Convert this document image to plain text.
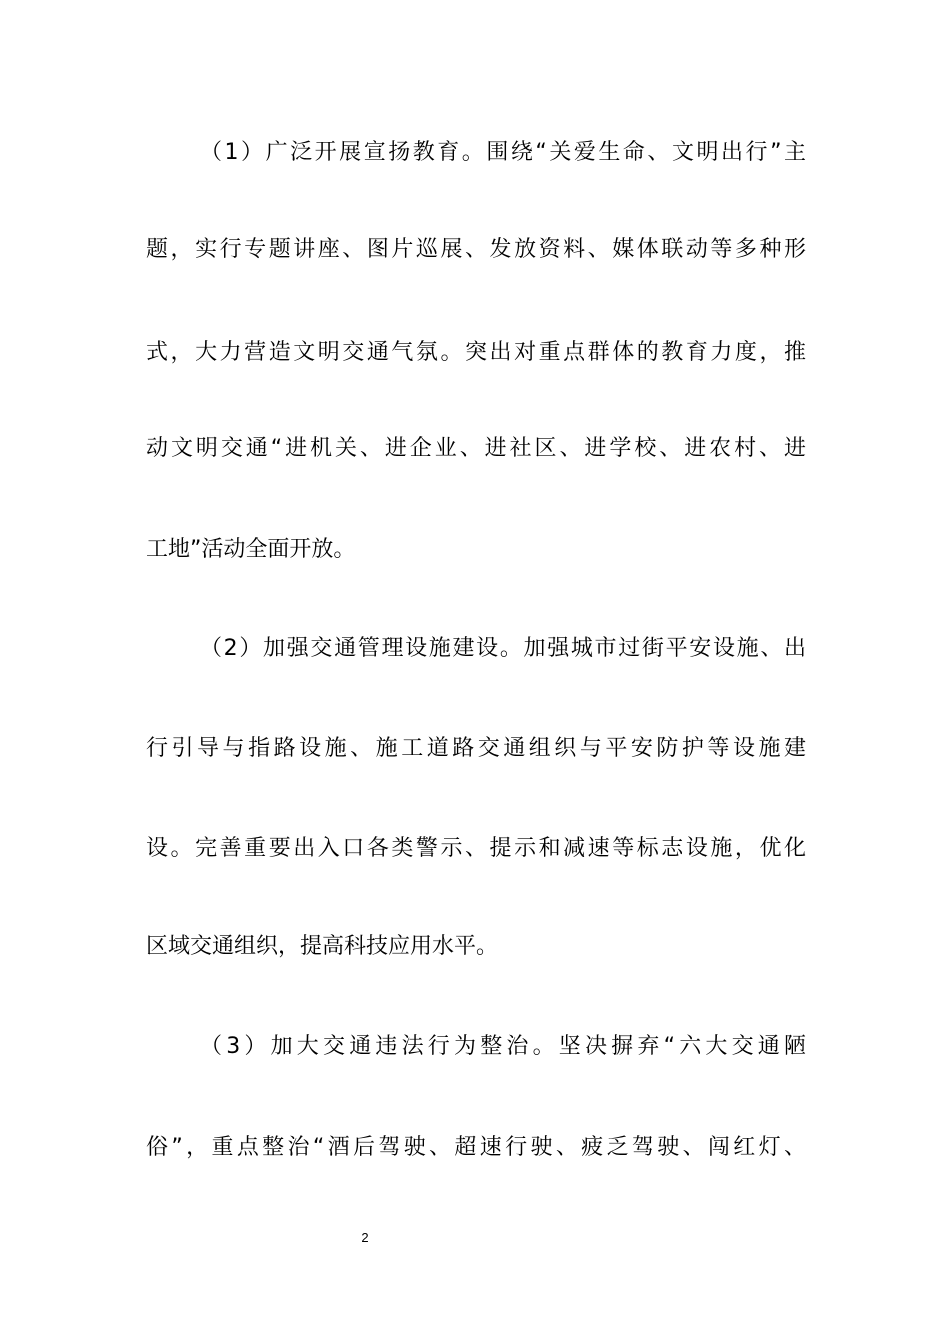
（1）广泛开展宣扬教育。围绕“关爱生命、文明出行”主
题，实行专题讲座、图片巡展、发放资料、媒体联动等多种形
式，大力营造文明交通气氛。突出对重点群体的教育力度，推
动文明交通“进机关、进企业、进社区、进学校、进农村、进
工地”活动全面开放。
（2）加强交通管理设施建设。加强城市过街平安设施、出
行引导与指路设施、施工道路交通组织与平安防护等设施建
设。完善重要出入口各类警示、提示和减速等标志设施，优化
区域交通组织，提高科技应用水平。
（3）加大交通违法行为整治。坚决摒弃“六大交通陋
俗”，重点整治“酒后驾驶、超速行驶、疲乏驾驶、闯红灯、
2
